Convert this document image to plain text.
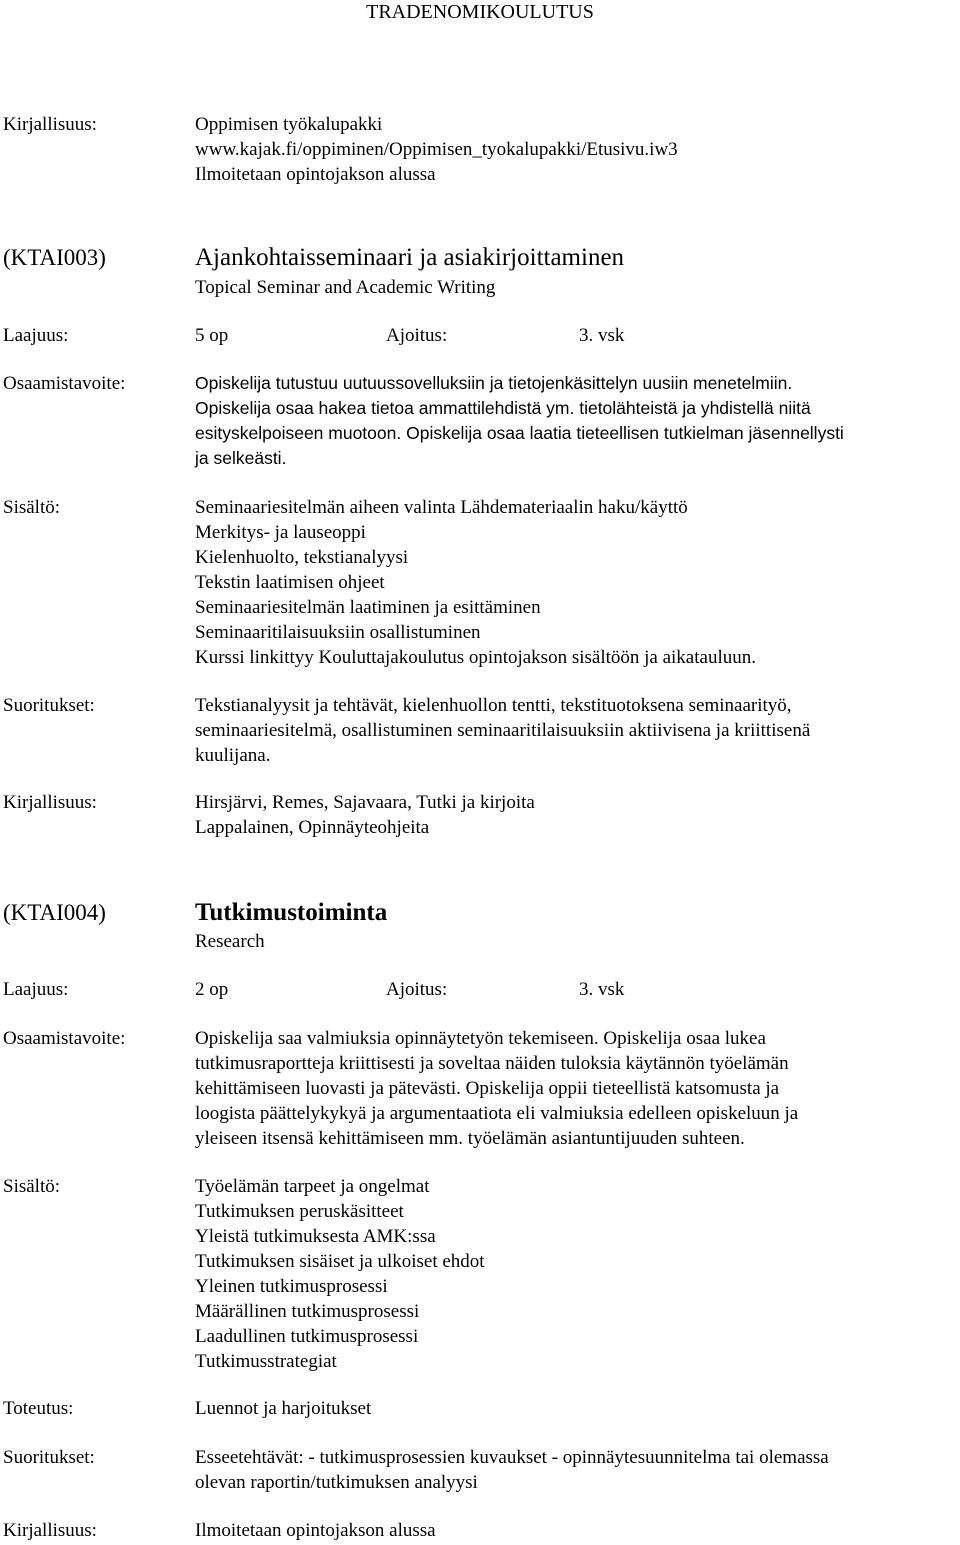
TRADENOMIKOULUTUS
Kirjallisuus:	Oppimisen työkalupakki
www.kajak.fi/oppiminen/Oppimisen_tyokalupakki/Etusivu.iw3
Ilmoitetaan opintojakson alussa
(KTAI003)	Ajankohtaisseminaari ja asiakirjoittaminen
Topical Seminar and Academic Writing
Laajuus:	5 op	Ajoitus:	3. vsk
Osaamistavoite:	Opiskelija tutustuu uutuussovelluksiin ja tietojenkäsittelyn uusiin menetelmiin.
Opiskelija osaa hakea tietoa ammattilehdistä ym. tietolähteistä ja yhdistellä niitä
esityskelpoiseen muotoon. Opiskelija osaa laatia tieteellisen tutkielman jäsennellysti
ja selkeästi.
Sisältö:	Seminaariesitelmän aiheen valinta Lähdemateriaalin haku/käyttö
Merkitys- ja lauseoppi
Kielenhuolto, tekstianalyysi
Tekstin laatimisen ohjeet
Seminaariesitelmän laatiminen ja esittäminen
Seminaaritilaisuuksiin osallistuminen
Kurssi linkittyy Kouluttajakoulutus opintojakson sisältöön ja aikatauluun.
Suoritukset:	Tekstianalyysit ja tehtävät, kielenhuollon tentti, tekstituotoksena seminaarityö,
seminaariesitelmä, osallistuminen seminaaritilaisuuksiin aktiivisena ja kriittisenä
kuulijana.
Kirjallisuus:	Hirsjärvi, Remes, Sajavaara, Tutki ja kirjoita
Lappalainen, Opinnäyteohjeita
(KTAI004)	Tutkimustoiminta
Research
Laajuus:	2 op	Ajoitus:	3. vsk
Osaamistavoite:	Opiskelija saa valmiuksia opinnäytetyön tekemiseen. Opiskelija osaa lukea
tutkimusraportteja kriittisesti ja soveltaa näiden tuloksia käytännön työelämän
kehittämiseen luovasti ja pätevästi. Opiskelija oppii tieteellistä katsomusta ja
loogista päättelykykyä ja argumentaatiota eli valmiuksia edelleen opiskeluun ja
yleiseen itsensä kehittämiseen mm. työelämän asiantuntijuuden suhteen.
Sisältö:	Työelämän tarpeet ja ongelmat
Tutkimuksen peruskäsitteet
Yleistä tutkimuksesta AMK:ssa
Tutkimuksen sisäiset ja ulkoiset ehdot
Yleinen tutkimusprosessi
Määrällinen tutkimusprosessi
Laadullinen tutkimusprosessi
Tutkimusstrategiat
Toteutus:	Luennot ja harjoitukset
Suoritukset:	Esseetehtävät: - tutkimusprosessien kuvaukset - opinnäytesuunnitelma tai olemassa
olevan raportin/tutkimuksen analyysi
Kirjallisuus:	Ilmoitetaan opintojakson alussa
